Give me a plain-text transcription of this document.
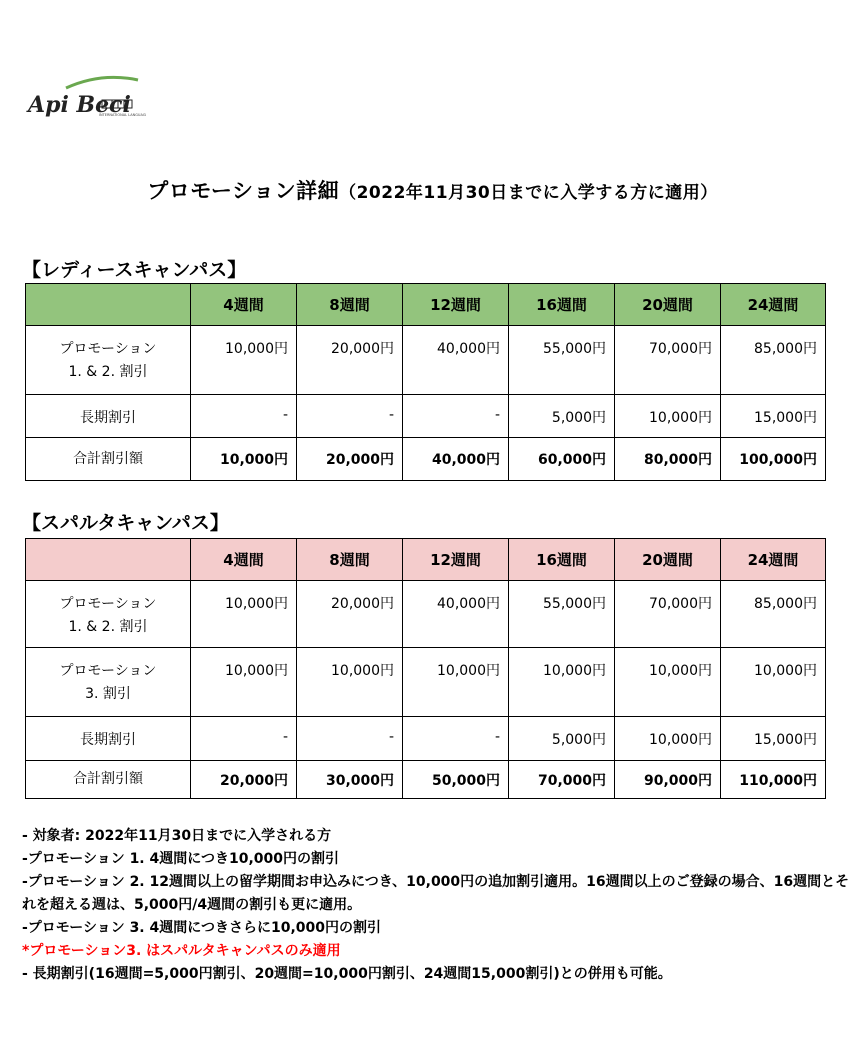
Api Beci
INTERNATIONAL LANGUAGE
プロモーション詳細（2022年11月30日までに入学する方に適用）
【レディースキャンパス】
	4週間	8週間	12週間	16週間	20週間	24週間
プロモーション
1. & 2. 割引	10,000円	20,000円	40,000円	55,000円	70,000円	85,000円
長期割引	-	-	-	5,000円	10,000円	15,000円
合計割引額	10,000円	20,000円	40,000円	60,000円	80,000円	100,000円
【スパルタキャンパス】
	4週間	8週間	12週間	16週間	20週間	24週間
プロモーション
1. & 2. 割引	10,000円	20,000円	40,000円	55,000円	70,000円	85,000円
プロモーション
3. 割引	10,000円	10,000円	10,000円	10,000円	10,000円	10,000円
長期割引	-	-	-	5,000円	10,000円	15,000円
合計割引額	20,000円	30,000円	50,000円	70,000円	90,000円	110,000円

- 対象者: 2022年11月30日までに入学される方

-プロモーション 1. 4週間につき10,000円の割引

-プロモーション 2. 12週間以上の留学期間お申込みにつき、10,000円の追加割引適用。16週間以上のご登録の場合、16週間とそれを超える週は、5,000円/4週間の割引も更に適用。

-プロモーション 3. 4週間につきさらに10,000円の割引

*プロモーション3. はスパルタキャンパスのみ適用

- 長期割引(16週間=5,000円割引、20週間=10,000円割引、24週間15,000割引)との併用も可能。
